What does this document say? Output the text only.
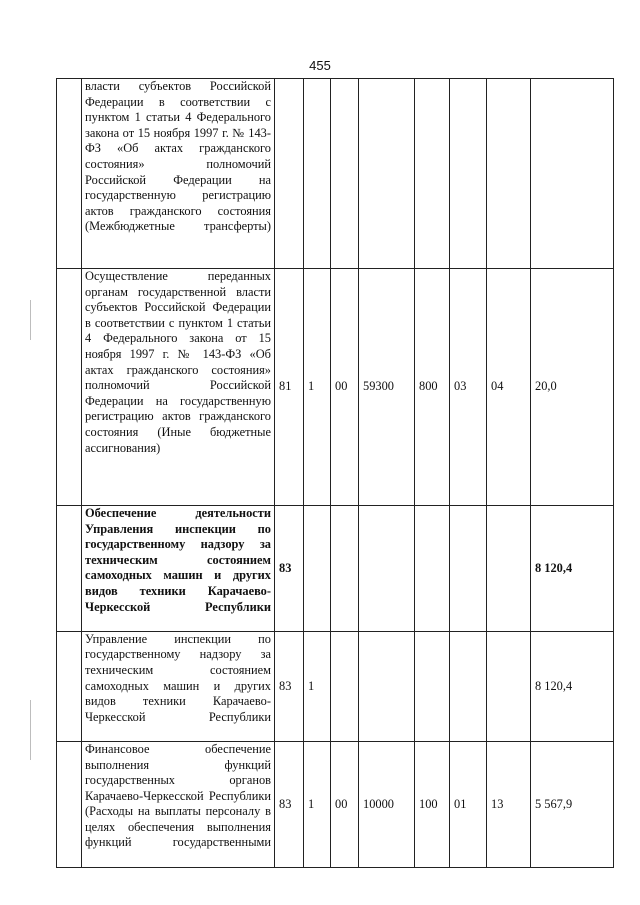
455

	власти субъектов Российской Федерации в соответствии с пунктом 1 статьи 4 Федерального закона от 15 ноября 1997 г. № 143-ФЗ «Об актах гражданского состояния» полномочий Российской Федерации на государственную регистрацию актов гражданского состояния (Межбюджетные трансферты)								

	Осуществление переданных органам государственной власти субъектов Российской Федерации в соответствии с пунктом 1 статьи 4 Федерального закона от 15 ноября 1997 г. № 143-ФЗ «Об актах гражданского состояния» полномочий Российской Федерации на государственную регистрацию актов гражданского состояния (Иные бюджетные ассигнования)	81	1	00	59300	800	03	04	20,0

	Обеспечение деятельности Управления инспекции по государственному надзору за техническим состоянием самоходных машин и других видов техники Карачаево-Черкесской Республики	83							8 120,4

	Управление инспекции по государственному надзору за техническим состоянием самоходных машин и других видов техники Карачаево-Черкесской Республики	83	1						8 120,4

	Финансовое обеспечение выполнения функций государственных органов Карачаево-Черкесской Республики (Расходы на выплаты персоналу в целях обеспечения выполнения функций государственными	83	1	00	10000	100	01	13	5 567,9
